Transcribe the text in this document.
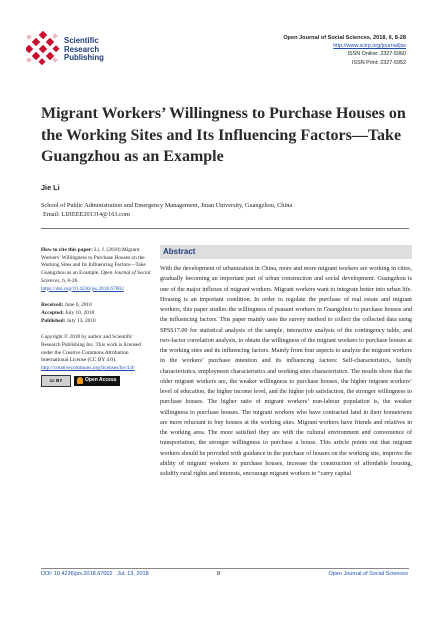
Scientific
Research
Publishing
Open Journal of Social Sciences, 2018, 6, 8-28
http://www.scirp.org/journal/jss
ISSN Online: 2327-5960
ISSN Print: 2327-5952
Migrant Workers’ Willingness to Purchase Houses on the Working Sites and Its Influencing Factors—Take Guangzhou as an Example
Jie Li
School of Public Administration and Emergency Management, Jinan University, Guangzhou, China
Email: LIJIEEE201314@163.com

How to cite this paper: Li, J. (2018) Migrant Workers’ Willingness to Purchase Houses on the Working Sites and Its Influencing Factors—Take Guangzhou as an Example. Open Journal of Social Sciences, 6, 8-28.
https://doi.org/10.4236/jss.2018.67002

Received: June 6, 2018
Accepted: July 10, 2018
Published: July 13, 2018

Copyright © 2018 by author and Scientific Research Publishing Inc. This work is licensed under the Creative Commons Attribution International License (CC BY 4.0).
http://creativecommons.org/licenses/by/4.0/

cc BY	Open Access

Abstract

With the development of urbanization in China, more and more migrant workers are working in cities, gradually becoming an important part of urban construction and social development. Guangzhou is one of the major influxes of migrant workers. Migrant workers want to integrate better into urban life. Housing is an important condition. In order to regulate the purchase of real estate and migrant workers, this paper studies the willingness of peasant workers in Guangzhou to purchase houses and the influencing factors. This paper mainly uses the survey method to collect the collected data using SPSS17.00 for statistical analysis of the sample, interactive analysis of the contingency table, and two-factor correlation analysis, to obtain the willingness of the migrant workers to purchase houses at the working sites and its influencing factors. Mainly from four aspects to analyze the migrant workers in the workers’ purchase intention and its influencing factors: Self-characteristics, family characteristics, employment characteristics and working sites characteristics. The results show that the older migrant workers are, the weaker willingness to purchase houses, the higher migrant workers’ level of education, the higher income level, and the higher job satisfaction, the stronger willingness to purchase houses. The higher ratio of migrant workers’ non-labour population is, the weaker willingness to purchase houses. The migrant workers who have contracted land in their hometowns are more reluctant to buy houses at the working sites. Migrant workers have friends and relatives in the working area. The more satisfied they are with the cultural environment and convenience of transportation, the stronger willingness to purchase a house. This article points out that migrant workers should be provided with guidance in the purchase of houses on the working site, improve the ability of migrant workers to purchase houses, increase the construction of affordable housing, solidify rural rights and interests, encourage migrant workers to “carry capital

DOI: 10.4236/jss.2018.67002 Jul. 13, 2018	8	Open Journal of Social Sciences
